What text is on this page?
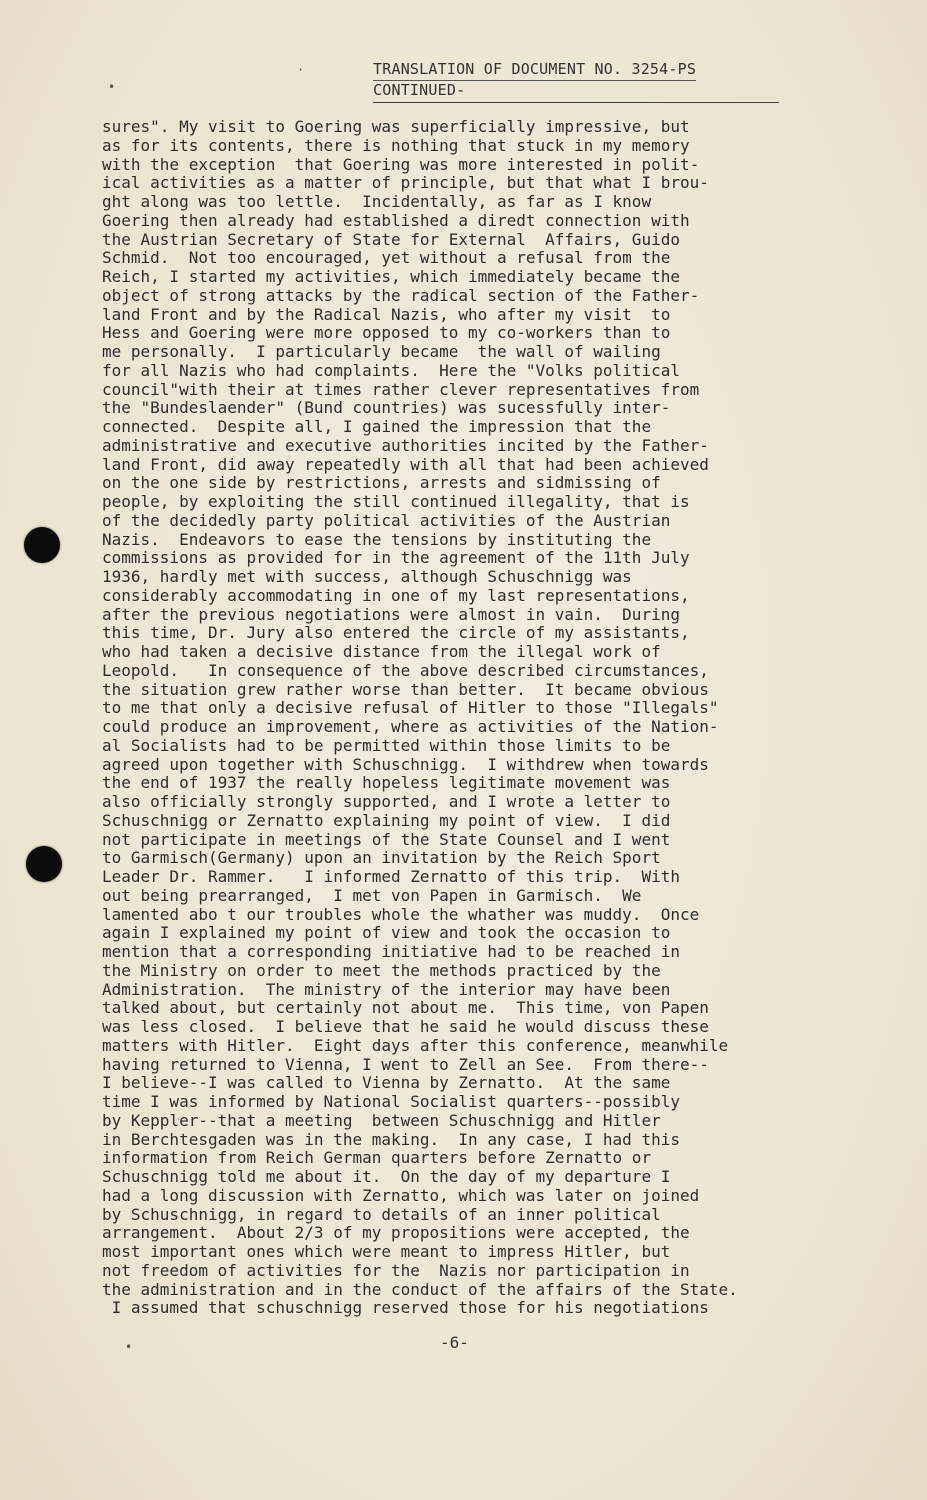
•
·
•
TRANSLATION OF DOCUMENT NO. 3254-PS
CONTINUED-
sures". My visit to Goering was superficially impressive, but
as for its contents, there is nothing that stuck in my memory
with the exception  that Goering was more interested in polit-
ical activities as a matter of principle, but that what I brou-
ght along was too lettle.  Incidentally, as far as I know
Goering then already had established a diredt connection with
the Austrian Secretary of State for External  Affairs, Guido
Schmid.  Not too encouraged, yet without a refusal from the
Reich, I started my activities, which immediately became the
object of strong attacks by the radical section of the Father-
land Front and by the Radical Nazis, who after my visit  to
Hess and Goering were more opposed to my co-workers than to
me personally.  I particularly became  the wall of wailing
for all Nazis who had complaints.  Here the "Volks political
council"with their at times rather clever representatives from
the "Bundeslaender" (Bund countries) was sucessfully inter-
connected.  Despite all, I gained the impression that the
administrative and executive authorities incited by the Father-
land Front, did away repeatedly with all that had been achieved
on the one side by restrictions, arrests and sidmissing of
people, by exploiting the still continued illegality, that is
of the decidedly party political activities of the Austrian
Nazis.  Endeavors to ease the tensions by instituting the
commissions as provided for in the agreement of the 11th July
1936, hardly met with success, although Schuschnigg was
considerably accommodating in one of my last representations,
after the previous negotiations were almost in vain.  During
this time, Dr. Jury also entered the circle of my assistants,
who had taken a decisive distance from the illegal work of
Leopold.   In consequence of the above described circumstances,
the situation grew rather worse than better.  It became obvious
to me that only a decisive refusal of Hitler to those "Illegals"
could produce an improvement, where as activities of the Nation-
al Socialists had to be permitted within those limits to be
agreed upon together with Schuschnigg.  I withdrew when towards
the end of 1937 the really hopeless legitimate movement was
also officially strongly supported, and I wrote a letter to
Schuschnigg or Zernatto explaining my point of view.  I did
not participate in meetings of the State Counsel and I went
to Garmisch(Germany) upon an invitation by the Reich Sport
Leader Dr. Rammer.   I informed Zernatto of this trip.  With
out being prearranged,  I met von Papen in Garmisch.  We
lamented abo t our troubles whole the whather was muddy.  Once
again I explained my point of view and took the occasion to
mention that a corresponding initiative had to be reached in
the Ministry on order to meet the methods practiced by the
Administration.  The ministry of the interior may have been
talked about, but certainly not about me.  This time, von Papen
was less closed.  I believe that he said he would discuss these
matters with Hitler.  Eight days after this conference, meanwhile
having returned to Vienna, I went to Zell an See.  From there--
I believe--I was called to Vienna by Zernatto.  At the same
time I was informed by National Socialist quarters--possibly
by Keppler--that a meeting  between Schuschnigg and Hitler
in Berchtesgaden was in the making.  In any case, I had this
information from Reich German quarters before Zernatto or
Schuschnigg told me about it.  On the day of my departure I
had a long discussion with Zernatto, which was later on joined
by Schuschnigg, in regard to details of an inner political
arrangement.  About 2/3 of my propositions were accepted, the
most important ones which were meant to impress Hitler, but
not freedom of activities for the  Nazis nor participation in
the administration and in the conduct of the affairs of the State.
I assumed that schuschnigg reserved those for his negotiations
-6-
